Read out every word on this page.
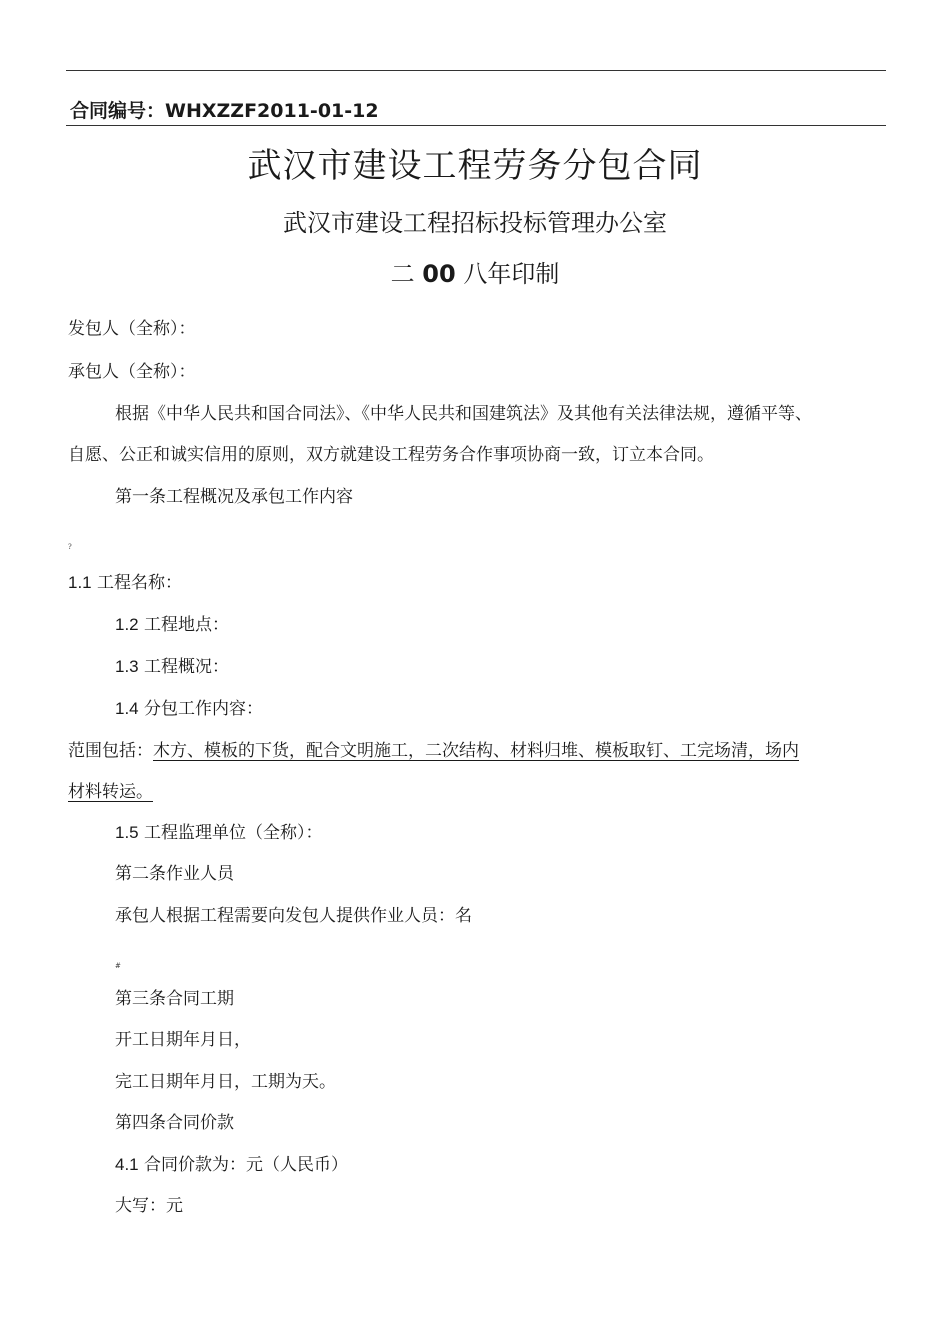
合同编号：WHXZZF2011-01-12
武汉市建设工程劳务分包合同
武汉市建设工程招标投标管理办公室
二 00 八年印制
发包人（全称）：
承包人（全称）：
根据《中华人民共和国合同法》、《中华人民共和国建筑法》及其他有关法律法规，遵循平等、
自愿、公正和诚实信用的原则，双方就建设工程劳务合作事项协商一致，订立本合同。
第一条工程概况及承包工作内容
?
1.1 工程名称：
1.2 工程地点：
1.3 工程概况：
1.4 分包工作内容：
范围包括：木方、模板的下货，配合文明施工，二次结构、材料归堆、模板取钉、工完场清，场内
材料转运。
1.5 工程监理单位（全称）：
第二条作业人员
承包人根据工程需要向发包人提供作业人员：名
#
第三条合同工期
开工日期年月日，
完工日期年月日，工期为天。
第四条合同价款
4.1 合同价款为：元（人民币）
大写：元
